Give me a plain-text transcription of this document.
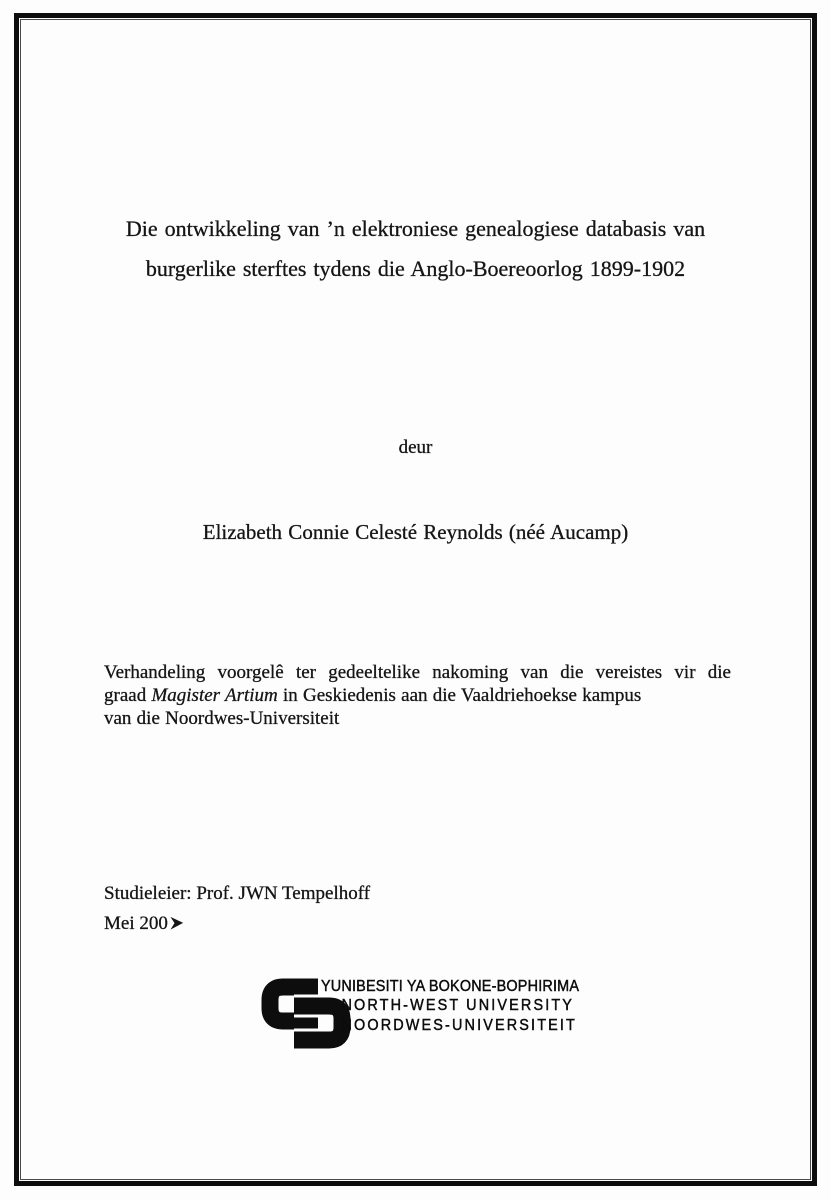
Die ontwikkeling van ’n elektroniese genealogiese databasis van
burgerlike sterftes tydens die Anglo-Boereoorlog 1899-1902
deur
Elizabeth Connie Celesté Reynolds (néé Aucamp)
Verhandeling voorgelê ter gedeeltelike nakoming van die vereistes vir die
graad Magister Artium in Geskiedenis aan die Vaaldriehoekse kampus
van die Noordwes-Universiteit
Studieleier: Prof. JWN Tempelhoff
Mei 200
YUNIBESITI YA BOKONE-BOPHIRIMA
NORTH-WEST UNIVERSITY
NOORDWES-UNIVERSITEIT
